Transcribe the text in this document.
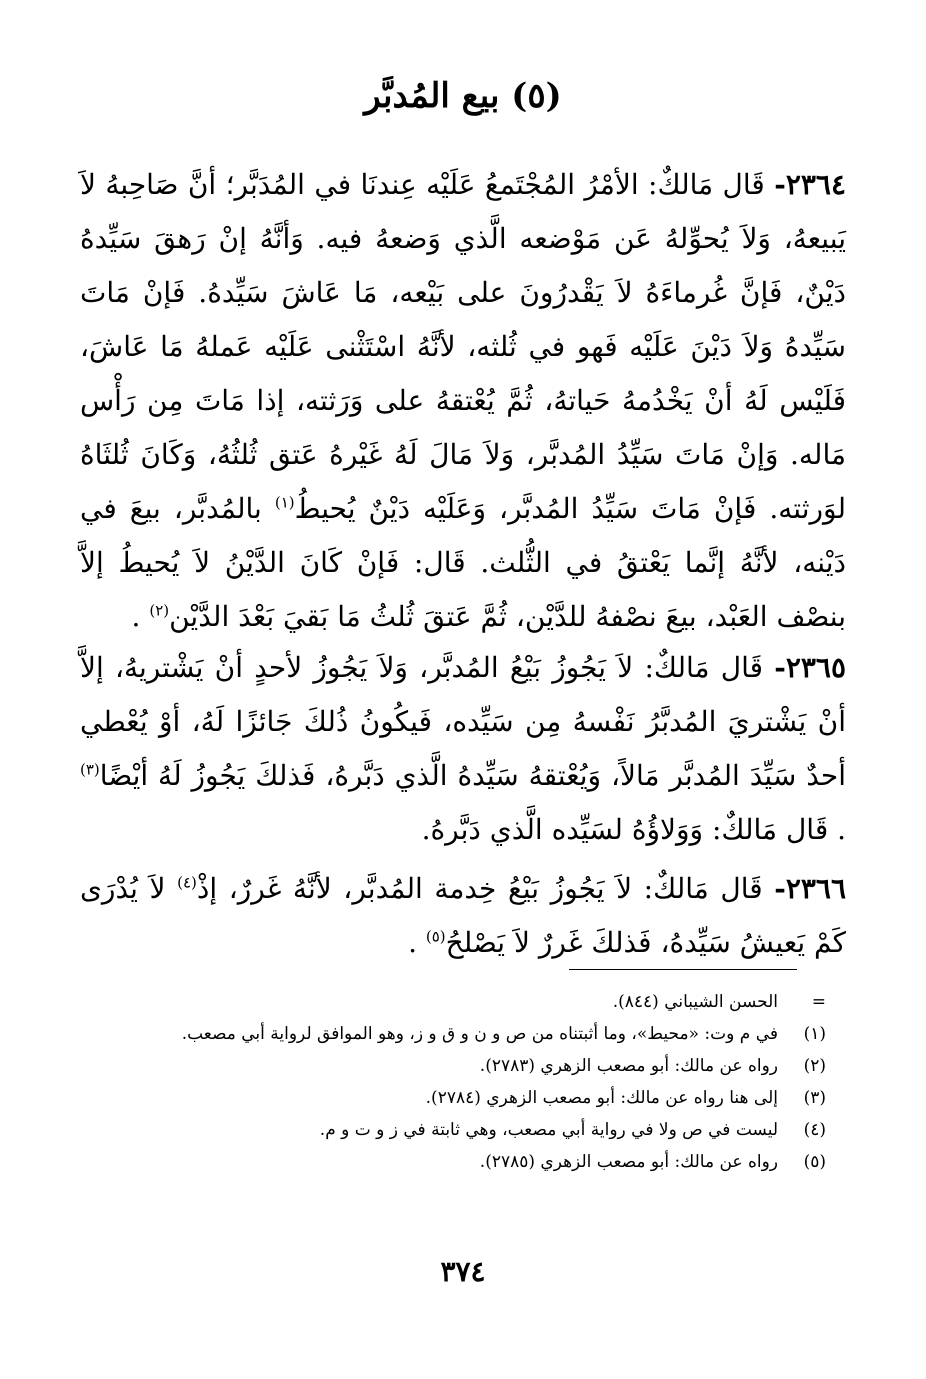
(٥) بيع المُدبَّر
٢٣٦٤- قَال مَالكٌ: الأمْرُ المُجْتَمعُ عَلَيْه عِندنَا في المُدَبَّر؛ أنَّ صَاحِبهُ لاَ يَبيعهُ، وَلاَ يُحوِّلهُ عَن مَوْضعه الَّذي وَضعهُ فيه. وَأنَّهُ إنْ رَهقَ سَيِّدهُ دَيْنٌ، فَإنَّ غُرماءَهُ لاَ يَقْدرُونَ على بَيْعه، مَا عَاشَ سَيِّدهُ. فَإنْ مَاتَ سَيِّدهُ وَلاَ دَيْنَ عَلَيْه فَهو في ثُلثه، لأنَّهُ اسْتَثْنى عَلَيْه عَملهُ مَا عَاشَ، فَلَيْس لَهُ أنْ يَخْدُمهُ حَياتهُ، ثُمَّ يُعْتقهُ على وَرَثته، إذا مَاتَ مِن رَأْس مَاله. وَإنْ مَاتَ سَيِّدُ المُدبَّر، وَلاَ مَالَ لَهُ غَيْرهُ عَتق ثُلثُهُ، وَكَانَ ثُلثَاهُ لوَرثته. فَإنْ مَاتَ سَيِّدُ المُدبَّر، وَعَلَيْه دَيْنٌ يُحيطُ$^{(١)}$ بالمُدبَّر، بيعَ في دَيْنه، لأنَّهُ إنَّما يَعْتقُ في الثُّلث. قَال: فَإنْ كَانَ الدَّيْنُ لاَ يُحيطُ إلاَّ بنصْف العَبْد، بيعَ نصْفهُ للدَّيْن، ثُمَّ عَتقَ ثُلثُ مَا بَقيَ بَعْدَ الدَّيْن$^{(٢)}$ .
٢٣٦٥- قَال مَالكٌ: لاَ يَجُوزُ بَيْعُ المُدبَّر، وَلاَ يَجُوزُ لأحدٍ أنْ يَشْتريهُ، إلاَّ أنْ يَشْتريَ المُدبَّرُ نَفْسهُ مِن سَيِّده، فَيكُونُ ذُلكَ جَائزًا لَهُ، أوْ يُعْطي أحدٌ سَيِّدَ المُدبَّر مَالاً، وَيُعْتقهُ سَيِّدهُ الَّذي دَبَّرهُ، فَذلكَ يَجُوزُ لَهُ أيْضًا$^{(٣)}$ . قَال مَالكٌ: وَوَلاؤُهُ لسَيِّده الَّذي دَبَّرهُ.
٢٣٦٦- قَال مَالكٌ: لاَ يَجُوزُ بَيْعُ خِدمة المُدبَّر، لأنَّهُ غَررٌ، إذْ$^{(٤)}$ لاَ يُدْرَى كَمْ يَعيشُ سَيِّدهُ، فَذلكَ غَررٌ لاَ يَصْلحُ$^{(٥)}$ .
=
الحسن الشيباني (٨٤٤).
(١)
في م وت: «محيط»، وما أثبتناه من ص و ن و ق و ز، وهو الموافق لرواية أبي مصعب.
(٢)
رواه عن مالك: أبو مصعب الزهري (٢٧٨٣).
(٣)
إلى هنا رواه عن مالك: أبو مصعب الزهري (٢٧٨٤).
(٤)
ليست في ص ولا في رواية أبي مصعب، وهي ثابتة في ز و ت و م.
(٥)
رواه عن مالك: أبو مصعب الزهري (٢٧٨٥).
٣٧٤
